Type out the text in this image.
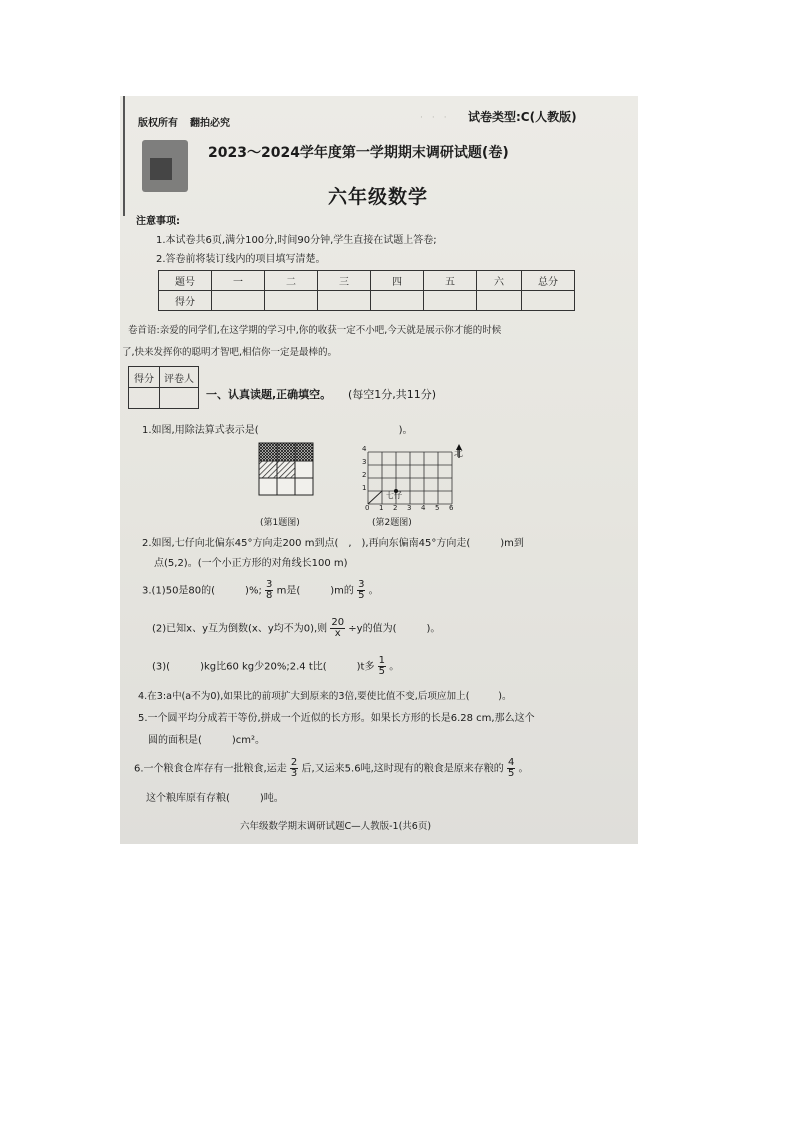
·　·　·
版权所有 翻拍必究	试卷类型:C(人教版)
2023～2024学年度第一学期期末调研试题(卷)
六年级数学
注意事项:
1.本试卷共6页,满分100分,时间90分钟,学生直接在试题上答卷;
2.答卷前将装订线内的项目填写清楚。
题号	一	二	三	四	五	六	总分
得分							
卷首语:亲爱的同学们,在这学期的学习中,你的收获一定不小吧,今天就是展示你才能的时候
了,快来发挥你的聪明才智吧,相信你一定是最棒的。
得分	评卷人

一、认真读题,正确填空。 (每空1分,共11分)
1.如图,用除法算式表示是(　　　　　　　　　　　　　　)。
(第1题图)
北
七仔
4
3
2
1
0 1 2 3 4 5 6
(第2题图)
2.如图,七仔向北偏东45°方向走200 m到点(　,　),再向东偏南45°方向走(　　　)m到
点(5,2)。(一个小正方形的对角线长100 m)
3.(1)50是80的(　　　)%; $\frac{3}{8}$ m是(　　　)m的 $\frac{3}{5}$ 。
(2)已知x、y互为倒数(x、y均不为0),则 $\frac{20}{x} \div y$的值为(　　　)。
(3)(　　　)kg比60 kg少20%;2.4 t比(　　　)t多 $\frac{1}{5}$ 。
4.在3:a中(a不为0),如果比的前项扩大到原来的3倍,要使比值不变,后项应加上(　　　)。
5.一个圆平均分成若干等份,拼成一个近似的长方形。如果长方形的长是6.28 cm,那么这个
圆的面积是(　　　)cm²。
6.一个粮食仓库存有一批粮食,运走 $\frac{2}{3}$ 后,又运来5.6吨,这时现有的粮食是原来存粮的 $\frac{4}{5}$ 。
这个粮库原有存粮(　　　)吨。
六年级数学期末调研试题C—人教版-1(共6页)
